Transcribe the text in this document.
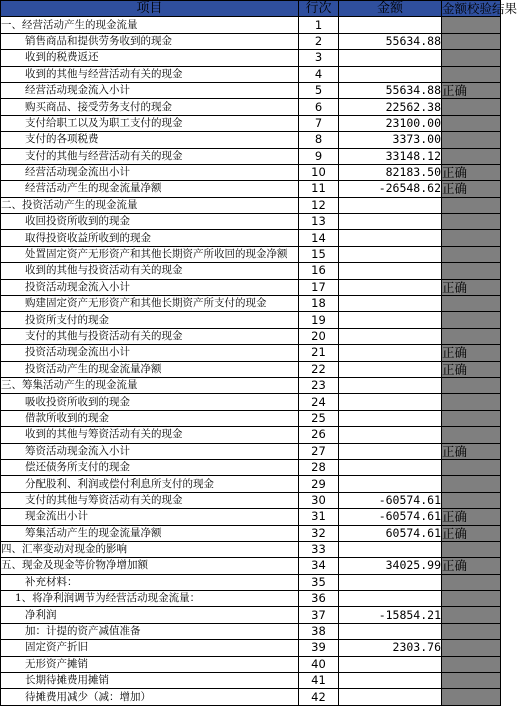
项目	行次	金额	金额校验结果
一、经营活动产生的现金流量	1		
销售商品和提供劳务收到的现金	2	55634.88	
收到的税费返还	3		
收到的其他与经营活动有关的现金	4		
经营活动现金流入小计	5	55634.88	正确
购买商品、接受劳务支付的现金	6	22562.38	
支付给职工以及为职工支付的现金	7	23100.00	
支付的各项税费	8	3373.00	
支付的其他与经营活动有关的现金	9	33148.12	
经营活动现金流出小计	10	82183.50	正确
经营活动产生的现金流量净额	11	-26548.62	正确
二、投资活动产生的现金流量	12		
收回投资所收到的现金	13		
取得投资收益所收到的现金	14		
处置固定资产无形资产和其他长期资产所收回的现金净额	15		
收到的其他与投资活动有关的现金	16		
投资活动现金流入小计	17		正确
购建固定资产无形资产和其他长期资产所支付的现金	18		
投资所支付的现金	19		
支付的其他与投资活动有关的现金	20		
投资活动现金流出小计	21		正确
投资活动产生的现金流量净额	22		正确
三、筹集活动产生的现金流量	23		
吸收投资所收到的现金	24		
借款所收到的现金	25		
收到的其他与筹资活动有关的现金	26		
筹资活动现金流入小计	27		正确
偿还债务所支付的现金	28		
分配股利、利润或偿付利息所支付的现金	29		
支付的其他与筹资活动有关的现金	30	-60574.61	
现金流出小计	31	-60574.61	正确
筹集活动产生的现金流量净额	32	60574.61	正确
四、汇率变动对现金的影响	33		
五、现金及现金等价物净增加额	34	34025.99	正确
补充材料：	35		
1、将净利润调节为经营活动现金流量：	36		
净利润	37	-15854.21	
加：计提的资产减值准备	38		
固定资产折旧	39	2303.76	
无形资产摊销	40		
长期待摊费用摊销	41		
待摊费用减少（减：增加）	42		
